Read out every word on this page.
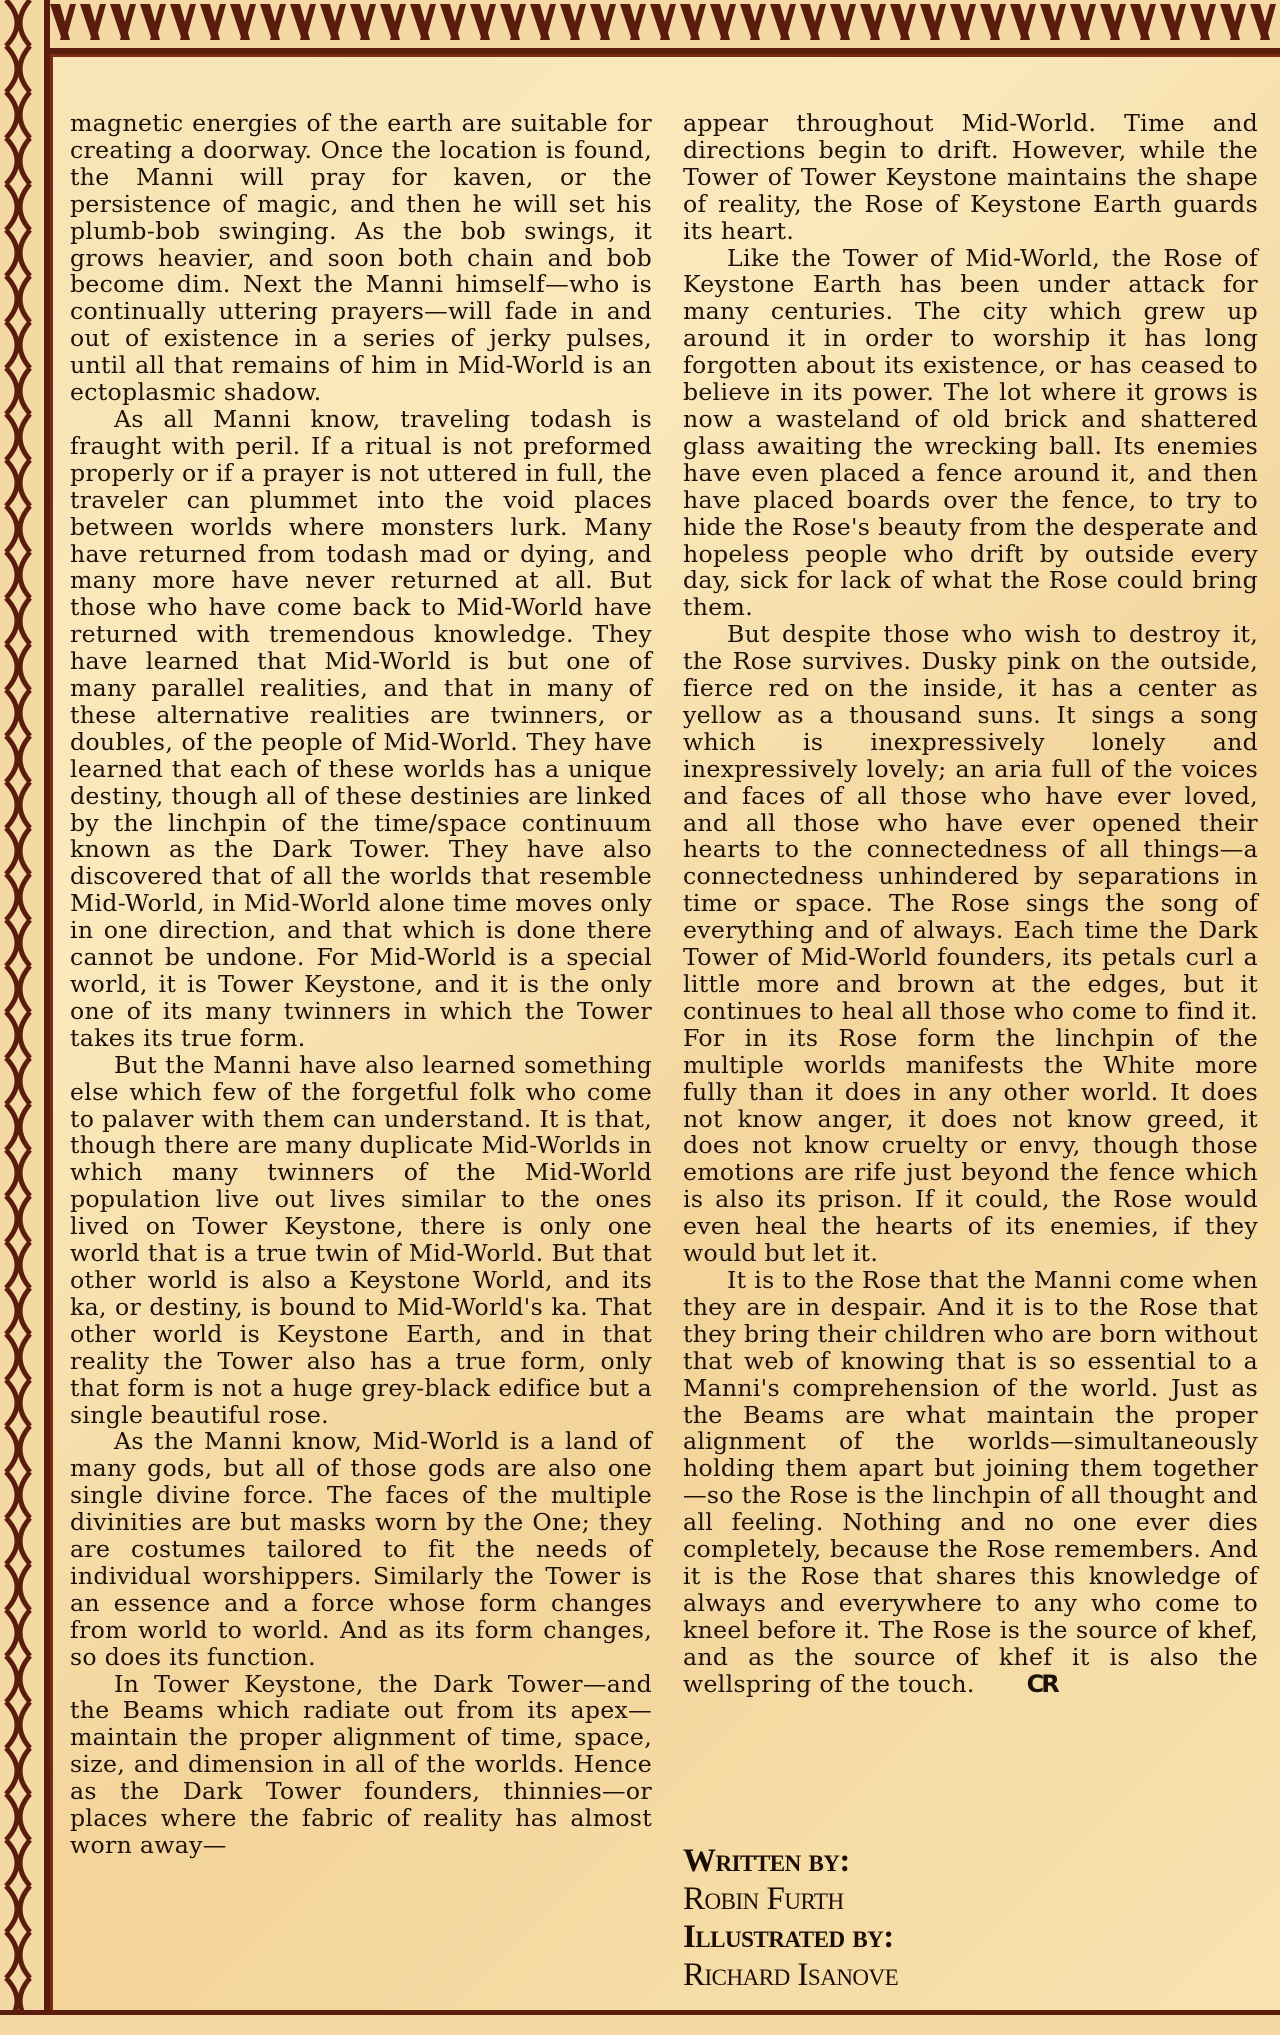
magnetic energies of the earth are suitable for creating a doorway. Once the location is found, the Manni will pray for kaven, or the persistence of magic, and then he will set his plumb-bob swinging. As the bob swings, it grows heavier, and soon both chain and bob become dim. Next the Manni himself—who is continually uttering prayers—will fade in and out of existence in a series of jerky pulses, until all that remains of him in Mid-World is an ectoplasmic shadow.

As all Manni know, traveling todash is fraught with peril. If a ritual is not preformed properly or if a prayer is not uttered in full, the traveler can plummet into the void places between worlds where monsters lurk. Many have returned from todash mad or dying, and many more have never returned at all. But those who have come back to Mid-World have returned with tremendous knowledge. They have learned that Mid-World is but one of many parallel realities, and that in many of these alternative realities are twinners, or doubles, of the people of Mid-World. They have learned that each of these worlds has a unique destiny, though all of these destinies are linked by the linchpin of the time/space continuum known as the Dark Tower. They have also discovered that of all the worlds that resemble Mid-World, in Mid-World alone time moves only in one direction, and that which is done there cannot be undone. For Mid-World is a special world, it is Tower Keystone, and it is the only one of its many twinners in which the Tower takes its true form.

But the Manni have also learned something else which few of the forgetful folk who come to palaver with them can understand. It is that, though there are many duplicate Mid-Worlds in which many twinners of the Mid-World population live out lives similar to the ones lived on Tower Keystone, there is only one world that is a true twin of Mid-World. But that other world is also a Keystone World, and its ka, or destiny, is bound to Mid-World's ka. That other world is Keystone Earth, and in that reality the Tower also has a true form, only that form is not a huge grey-black edifice but a single beautiful rose.

As the Manni know, Mid-World is a land of many gods, but all of those gods are also one single divine force. The faces of the multiple divinities are but masks worn by the One; they are costumes tailored to fit the needs of individual worshippers. Similarly the Tower is an essence and a force whose form changes from world to world. And as its form changes, so does its function.

In Tower Keystone, the Dark Tower—and the Beams which radiate out from its apex—maintain the proper alignment of time, space, size, and dimension in all of the worlds. Hence as the Dark Tower founders, thinnies—or places where the fabric of reality has almost worn away—

appear throughout Mid-World. Time and directions begin to drift. However, while the Tower of Tower Keystone maintains the shape of reality, the Rose of Keystone Earth guards its heart.

Like the Tower of Mid-World, the Rose of Keystone Earth has been under attack for many centuries. The city which grew up around it in order to worship it has long forgotten about its existence, or has ceased to believe in its power. The lot where it grows is now a wasteland of old brick and shattered glass awaiting the wrecking ball. Its enemies have even placed a fence around it, and then have placed boards over the fence, to try to hide the Rose's beauty from the desperate and hopeless people who drift by outside every day, sick for lack of what the Rose could bring them.

But despite those who wish to destroy it, the Rose survives. Dusky pink on the outside, fierce red on the inside, it has a center as yellow as a thousand suns. It sings a song which is inexpressively lonely and inexpressively lovely; an aria full of the voices and faces of all those who have ever loved, and all those who have ever opened their hearts to the connectedness of all things—a connectedness unhindered by separations in time or space. The Rose sings the song of everything and of always. Each time the Dark Tower of Mid-World founders, its petals curl a little more and brown at the edges, but it continues to heal all those who come to find it. For in its Rose form the linchpin of the multiple worlds manifests the White more fully than it does in any other world. It does not know anger, it does not know greed, it does not know cruelty or envy, though those emotions are rife just beyond the fence which is also its prison. If it could, the Rose would even heal the hearts of its enemies, if they would but let it.

It is to the Rose that the Manni come when they are in despair. And it is to the Rose that they bring their children who are born without that web of knowing that is so essential to a Manni's comprehension of the world. Just as the Beams are what maintain the proper alignment of the worlds—simultaneously holding them apart but joining them together—so the Rose is the linchpin of all thought and all feeling. Nothing and no one ever dies completely, because the Rose remembers. And it is the Rose that shares this knowledge of always and everywhere to any who come to kneel before it. The Rose is the source of khef, and as the source of khef it is also the wellspring of the touch. CR

Written by:
Robin Furth
Illustrated by:
Richard Isanove
